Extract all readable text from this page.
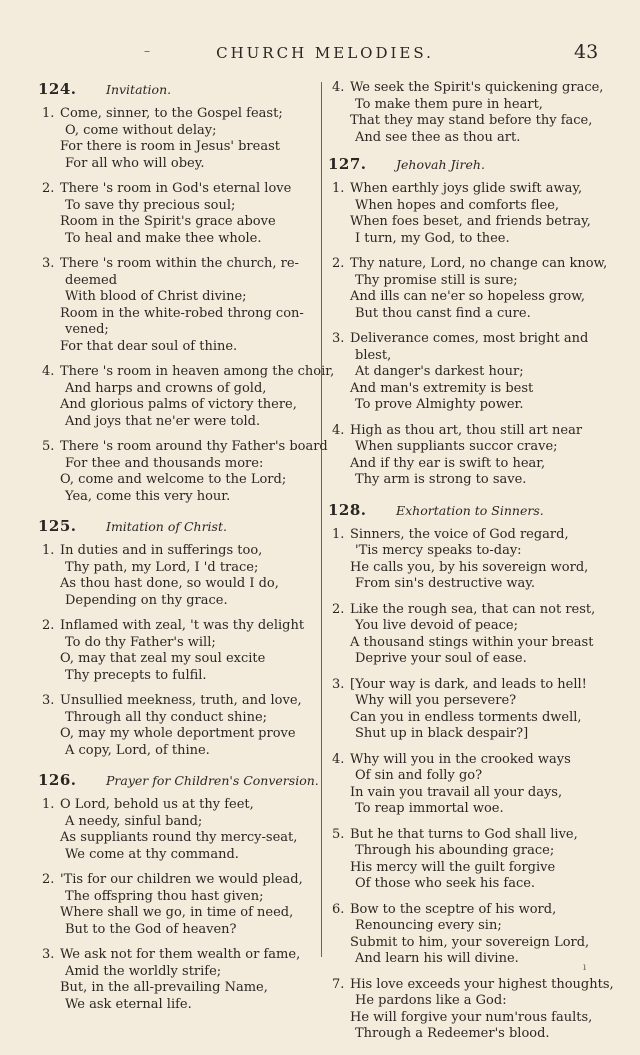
CHURCH MELODIES.	43
–
124.	Invitation.
1. Come, sinner, to the Gospel feast;
O, come without delay;
For there is room in Jesus' breast
For all who will obey.
2. There 's room in God's eternal love
To save thy precious soul;
Room in the Spirit's grace above
To heal and make thee whole.
3. There 's room within the church, re-
deemed
With blood of Christ divine;
Room in the white-robed throng con-
vened;
For that dear soul of thine.
4. There 's room in heaven among the choir,
And harps and crowns of gold,
And glorious palms of victory there,
And joys that ne'er were told.
5. There 's room around thy Father's board
For thee and thousands more:
O, come and welcome to the Lord;
Yea, come this very hour.
125.	Imitation of Christ.
1. In duties and in sufferings too,
Thy path, my Lord, I 'd trace;
As thou hast done, so would I do,
Depending on thy grace.
2. Inflamed with zeal, 't was thy delight
To do thy Father's will;
O, may that zeal my soul excite
Thy precepts to fulfil.
3. Unsullied meekness, truth, and love,
Through all thy conduct shine;
O, may my whole deportment prove
A copy, Lord, of thine.
126.	Prayer for Children's Conversion.
1. O Lord, behold us at thy feet,
A needy, sinful band;
As suppliants round thy mercy-seat,
We come at thy command.
2. 'Tis for our children we would plead,
The offspring thou hast given;
Where shall we go, in time of need,
But to the God of heaven?
3. We ask not for them wealth or fame,
Amid the worldly strife;
But, in the all-prevailing Name,
We ask eternal life.
4. We seek the Spirit's quickening grace,
To make them pure in heart,
That they may stand before thy face,
And see thee as thou art.
127.	Jehovah Jireh.
1. When earthly joys glide swift away,
When hopes and comforts flee,
When foes beset, and friends betray,
I turn, my God, to thee.
2. Thy nature, Lord, no change can know,
Thy promise still is sure;
And ills can ne'er so hopeless grow,
But thou canst find a cure.
3. Deliverance comes, most bright and
blest,
At danger's darkest hour;
And man's extremity is best
To prove Almighty power.
4. High as thou art, thou still art near
When suppliants succor crave;
And if thy ear is swift to hear,
Thy arm is strong to save.
128.	Exhortation to Sinners.
1. Sinners, the voice of God regard,
'Tis mercy speaks to-day:
He calls you, by his sovereign word,
From sin's destructive way.
2. Like the rough sea, that can not rest,
You live devoid of peace;
A thousand stings within your breast
Deprive your soul of ease.
3. [Your way is dark, and leads to hell!
Why will you persevere?
Can you in endless torments dwell,
Shut up in black despair?]
4. Why will you in the crooked ways
Of sin and folly go?
In vain you travail all your days,
To reap immortal woe.
5. But he that turns to God shall live,
Through his abounding grace;
His mercy will the guilt forgive
Of those who seek his face.
6. Bow to the sceptre of his word,
Renouncing every sin;
Submit to him, your sovereign Lord,
And learn his will divine.
7. His love exceeds your highest thoughts,
He pardons like a God:
He will forgive your num'rous faults,
Through a Redeemer's blood.
ı
